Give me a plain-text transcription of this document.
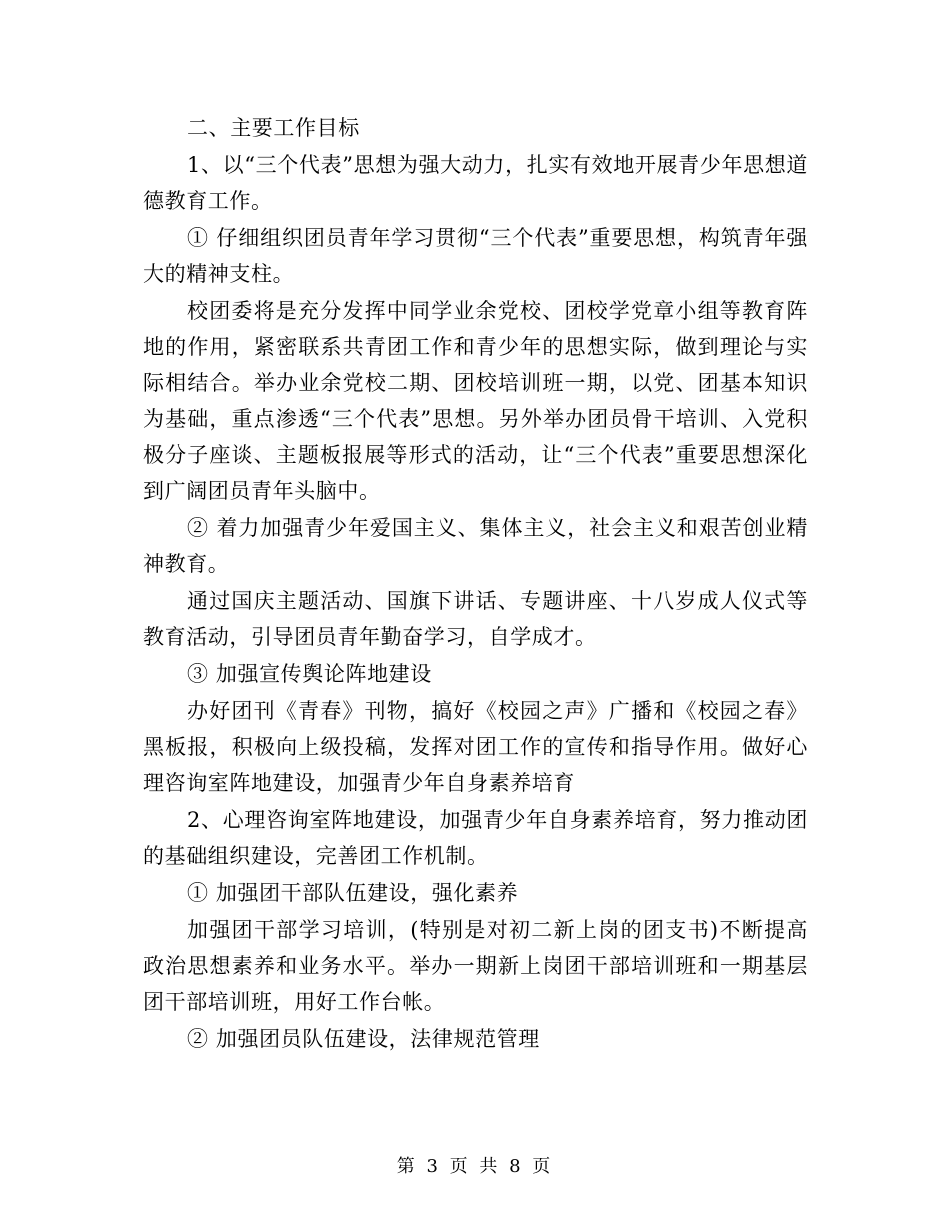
二、主要工作目标

1、以“三个代表”思想为强大动力，扎实有效地开展青少年思想道德教育工作。

① 仔细组织团员青年学习贯彻“三个代表”重要思想，构筑青年强大的精神支柱。

校团委将是充分发挥中同学业余党校、团校学党章小组等教育阵地的作用，紧密联系共青团工作和青少年的思想实际，做到理论与实际相结合。举办业余党校二期、团校培训班一期，以党、团基本知识为基础，重点渗透“三个代表”思想。另外举办团员骨干培训、入党积极分子座谈、主题板报展等形式的活动，让“三个代表”重要思想深化到广阔团员青年头脑中。

② 着力加强青少年爱国主义、集体主义，社会主义和艰苦创业精神教育。

通过国庆主题活动、国旗下讲话、专题讲座、十八岁成人仪式等教育活动，引导团员青年勤奋学习，自学成才。

③ 加强宣传舆论阵地建设

办好团刊《青春》刊物，搞好《校园之声》广播和《校园之春》黑板报，积极向上级投稿，发挥对团工作的宣传和指导作用。做好心理咨询室阵地建设，加强青少年自身素养培育

2、心理咨询室阵地建设，加强青少年自身素养培育，努力推动团的基础组织建设，完善团工作机制。

① 加强团干部队伍建设，强化素养

加强团干部学习培训，(特别是对初二新上岗的团支书)不断提高政治思想素养和业务水平。举办一期新上岗团干部培训班和一期基层团干部培训班，用好工作台帐。

② 加强团员队伍建设，法律规范管理

第 3 页 共 8 页
